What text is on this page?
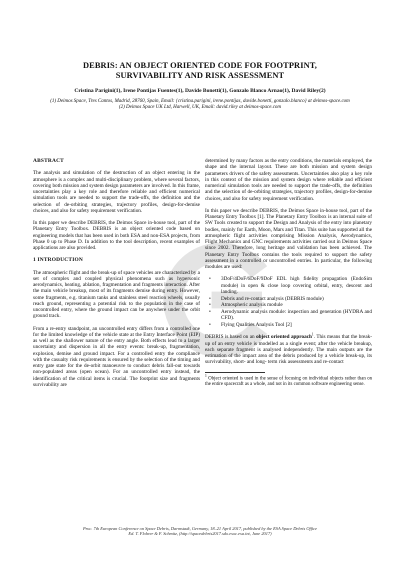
DEBRIS: AN OBJECT ORIENTED CODE FOR FOOTPRINT,
SURVIVABILITY AND RISK ASSESSMENT
Cristina Parigini(1), Irene Pontijas Fuentes(1), Davide Bonetti(1), Gonzalo Blanco Arnao(1), David Riley(2)
(1) Deimos Space, Tres Cantos, Madrid, 28760, Spain, Email: {cristina.parigini, irene.pontijas, davide.bonetti, gonzalo.blanco} at deimos-space.com
(2) Deimos Space UK Ltd, Harwell, UK, Email: david.riley at deimos-space.com
ABSTRACT

The analysis and simulation of the destruction of an object entering in the atmosphere is a complex and multi-disciplinary problem, where several factors, covering both mission and system design parameters are involved. In this frame, uncertainties play a key role and therefore reliable and efficient numerical simulation tools are needed to support the trade-offs, the definition and the selection of de-orbiting strategies, trajectory profiles, design-for-demise choices, and also for safety requirement verification.

In this paper we describe DEBRIS, the Deimos Space in-house tool, part of the Planetary Entry Toolbox. DEBRIS is an object oriented code based on engineering models that has been used in both ESA and non-ESA projects, from Phase 0 up to Phase D. In addition to the tool description, recent examples of applications are also provided.

1 INTRODUCTION

The atmospheric flight and the break-up of space vehicles are characterized by a set of complex and coupled physical phenomena such as hypersonic aerodynamics, heating, ablation, fragmentation and fragments interaction. After the main vehicle breakup, most of its fragments demise during entry. However, some fragments, e.g. titanium tanks and stainless steel reaction wheels, usually reach ground, representing a potential risk to the population in the case of uncontrolled entry, where the ground impact can be anywhere under the orbit ground track.

From a re-entry standpoint, an uncontrolled entry differs from a controlled one for the limited knowledge of the vehicle state at the Entry Interface Point (EIP) as well as the shallower nature of the entry angle. Both effects lead to a larger uncertainty and dispersion in all the entry events: break-up, fragmentation, explosion, demise and ground impact. For a controlled entry the compliance with the casualty risk requirements is ensured by the selection of the timing and entry gate state for the de-orbit manoeuvre to conduct debris fall-out towards non-populated areas (open ocean). For an uncontrolled entry instead, the identification of the critical items is crucial. The footprint size and fragments survivability are

determined by many factors as the entry conditions, the materials employed, the shape and the internal layout. These are both mission and system design parameters drivers of the safety assessments. Uncertainties also play a key role in this context of the mission and system design where reliable and efficient numerical simulation tools are needed to support the trade-offs, the definition and the selection of de-orbiting strategies, trajectory profiles, design-for-demise choices, and also for safety requirement verification.

In this paper we describe DEBRIS, the Deimos Space in-house tool, part of the Planetary Entry Toolbox [1]. The Planetary Entry Toolbox is an internal suite of SW Tools created to support the Design and Analysis of the entry into planetary bodies, mainly for Earth, Moon, Mars and Titan. This suite has supported all the atmospheric flight activities comprising Mission Analysis, Aerodynamics, Flight Mechanics and GNC requirements activities carried out in Deimos Space since 2002. Therefore, long heritage and validation has been achieved. The Planetary Entry Toolbox contains the tools required to support the safety assessment in a controlled or uncontrolled entries. In particular, the following modules are used:

• 3DoF/4DoF/6DoF/9DoF EDL high fidelity propagation (EndoSim module) in open & close loop covering orbital, entry, descent and landing.
• Debris and re-contact analysis (DEBRIS module)
• Atmospheric analysis module
• Aerodynamic analysis module: inspection and generation (HYDRA and CFD).
• Flying Qualities Analysis Tool [2]

DEBRIS is based on an object oriented approach$^1$. This means that the break-up of an entry vehicle is modelled as a single event; after the vehicle breakup, each separate fragment is analysed independently. The main outputs are the estimation of the impact area of the debris produced by a vehicle break-up, its survivability, short- and long- term risk assessments and re-contact

$^1$ Object oriented is used in the sense of focusing on individual objects rather than on the entire spacecraft as a whole, and not in its common software engineering sense.
Proc. 7th European Conference on Space Debris, Darmstadt, Germany, 18–21 April 2017, published by the ESA Space Debris Office
Ed. T. Flohrer & F. Schmitz, (http://spacedebris2017.sdo.esoc.esa.int, June 2017)
